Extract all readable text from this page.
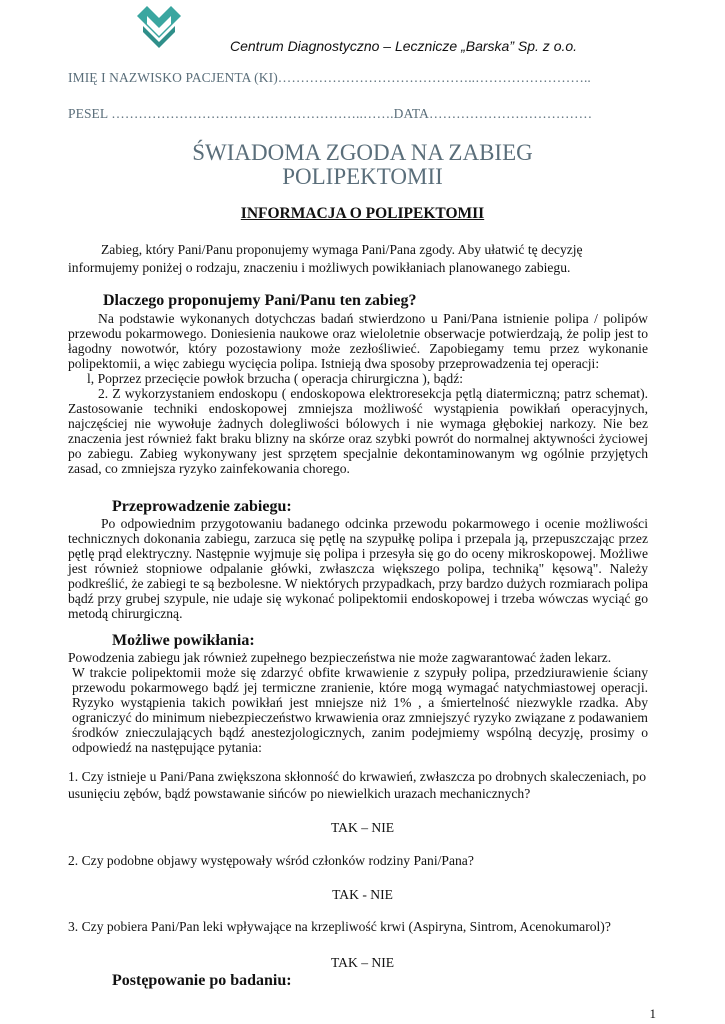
Centrum Diagnostyczno – Lecznicze „Barska” Sp. z o.o.
IMIĘ I NAZWISKO PACJENTA (KI)……………………………………..……………………..
PESEL ………………………………………………..…….DATA………………………………
ŚWIADOMA ZGODA NA ZABIEG
POLIPEKTOMII
INFORMACJA O POLIPEKTOMII
Zabieg, który Pani/Panu proponujemy wymaga Pani/Pana zgody. Aby ułatwić tę decyzję
informujemy poniżej o rodzaju, znaczeniu i możliwych powikłaniach planowanego zabiegu.
Dlaczego proponujemy Pani/Panu ten zabieg?

Na podstawie wykonanych dotychczas badań stwierdzono u Pani/Pana istnienie polipa / polipów przewodu pokarmowego. Doniesienia naukowe oraz wieloletnie obserwacje potwierdzają, że polip jest to łagodny nowotwór, który pozostawiony może zezłośliwieć. Zapobiegamy temu przez wykonanie polipektomii, a więc zabiegu wycięcia polipa. Istnieją dwa sposoby przeprowadzenia tej operacji:

l, Poprzez przecięcie powłok brzucha ( operacja chirurgiczna ), bądź:

2. Z wykorzystaniem endoskopu ( endoskopowa elektroresekcja pętlą diatermiczną; patrz schemat). Zastosowanie techniki endoskopowej zmniejsza możliwość wystąpienia powikłań operacyjnych, najczęściej nie wywołuje żadnych dolegliwości bólowych i nie wymaga głębokiej narkozy. Nie bez znaczenia jest również fakt braku blizny na skórze oraz szybki powrót do normalnej aktywności życiowej po zabiegu. Zabieg wykonywany jest sprzętem specjalnie dekontaminowanym wg ogólnie przyjętych zasad, co zmniejsza ryzyko zainfekowania chorego.

Przeprowadzenie zabiegu:

Po odpowiednim przygotowaniu badanego odcinka przewodu pokarmowego i ocenie możliwości technicznych dokonania zabiegu, zarzuca się pętlę na szypułkę polipa i przepala ją, przepuszczając przez pętlę prąd elektryczny. Następnie wyjmuje się polipa i przesyła się go do oceny mikroskopowej. Możliwe jest również stopniowe odpalanie główki, zwłaszcza większego polipa, techniką" kęsową". Należy podkreślić, że zabiegi te są bezbolesne. W niektórych przypadkach, przy bardzo dużych rozmiarach polipa bądź przy grubej szypule, nie udaje się wykonać polipektomii endoskopowej i trzeba wówczas wyciąć go metodą chirurgiczną.

Możliwe powikłania:

Powodzenia zabiegu jak również zupełnego bezpieczeństwa nie może zagwarantować żaden lekarz.

W trakcie polipektomii może się zdarzyć obfite krwawienie z szypuły polipa, przedziurawienie ściany przewodu pokarmowego bądź jej termiczne zranienie, które mogą wymagać natychmiastowej operacji. Ryzyko wystąpienia takich powikłań jest mniejsze niż 1% , a śmiertelność niezwykle rzadka. Aby ograniczyć do minimum niebezpieczeństwo krwawienia oraz zmniejszyć ryzyko związane z podawaniem środków znieczulających bądź anestezjologicznych, zanim podejmiemy wspólną decyzję, prosimy o odpowiedź na następujące pytania:

1. Czy istnieje u Pani/Pana zwiększona skłonność do krwawień, zwłaszcza po drobnych skaleczeniach, po usunięciu zębów, bądź powstawanie sińców po niewielkich urazach mechanicznych?
TAK – NIE
2. Czy podobne objawy występowały wśród członków rodziny Pani/Pana?
TAK - NIE
3. Czy pobiera Pani/Pan leki wpływające na krzepliwość krwi (Aspiryna, Sintrom, Acenokumarol)?
TAK – NIE
Postępowanie po badaniu:
1
